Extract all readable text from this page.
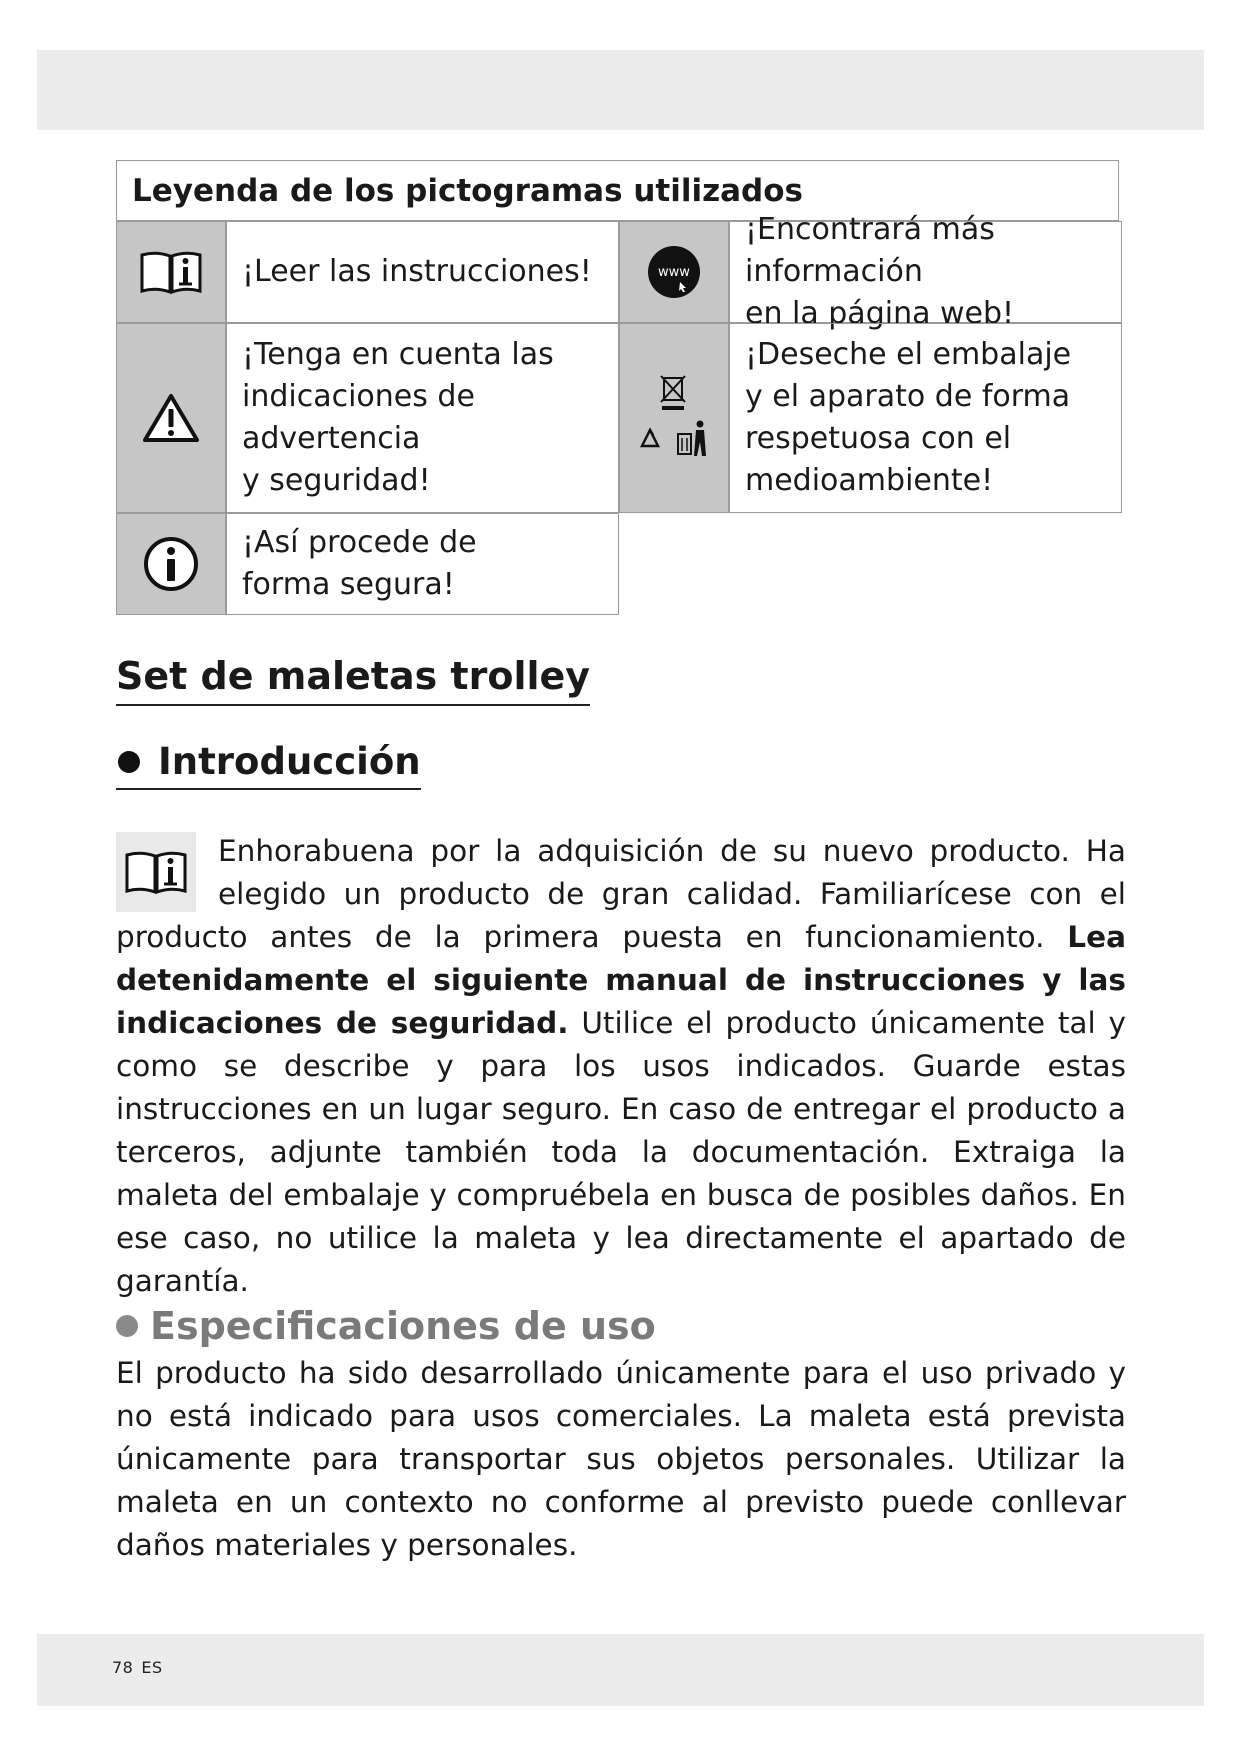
Leyenda de los pictogramas utilizados
¡Leer las instrucciones!	www
¡Encontrará más información
en la página web!
¡Tenga en cuenta las
indicaciones de advertencia
y seguridad!
¡Deseche el embalaje
y el aparato de forma
respetuosa con el
medioambiente!
¡Así procede de
forma segura!
Set de maletas trolley
Introducción
Enhorabuena por la adquisición de su nuevo producto. Ha elegido un producto de gran calidad. Familiarícese con el producto antes de la primera puesta en funcionamiento. Lea detenidamente el siguiente manual de instrucciones y las indicaciones de seguridad. Utilice el producto únicamente tal y como se describe y para los usos indicados. Guarde estas instrucciones en un lugar seguro. En caso de entregar el producto a terceros, adjunte también toda la documentación. Extraiga la maleta del embalaje y compruébela en busca de posibles daños. En ese caso, no utilice la maleta y lea directamente el apartado de garantía.
Especificaciones de uso
El producto ha sido desarrollado únicamente para el uso privado y no está indicado para usos comerciales. La maleta está prevista únicamente para transportar sus objetos personales. Utilizar la maleta en un contexto no conforme al previsto puede conllevar daños materiales y personales.
78 ES
